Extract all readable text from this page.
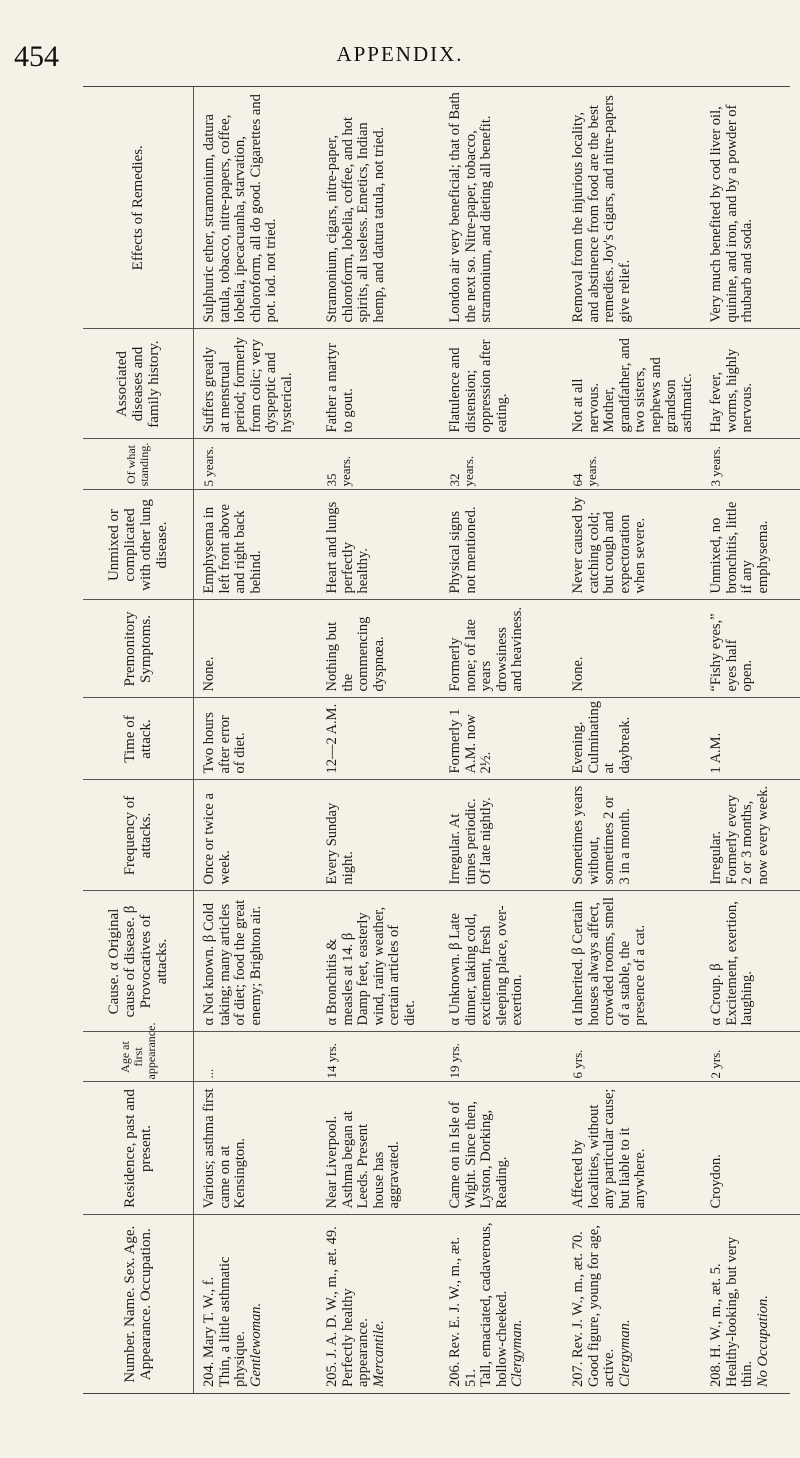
454	APPENDIX.
Number. Name. Sex. Age. Appearance. Occupation.	Residence, past and present.	Age at first appearance.	Cause. α Original cause of disease. β Provocatives of attacks.	Frequency of attacks.	Time of attack.	Premonitory Symptoms.	Unmixed or complicated with other lung disease.	Of what standing.	Associated diseases and family history.	Effects of Remedies.

204. Mary T. W., f. Thin, a little asthmatic physique. Gentlewoman.	Various; asthma first came on at Kensington.	...	α Not known. β Cold taking; many articles of diet; food the great enemy; Brighton air.	Once or twice a week.	Two hours after error of diet.	None.	Emphysema in left front above and right back behind.	5 years.	Suffers greatly at menstrual period; formerly from colic; very dyspeptic and hysterical.	Sulphuric ether, stramonium, datura tatula, tobacco, nitre-papers, coffee, lobelia, ipecacuanha, starvation, chloroform, all do good. Cigarettes and pot. iod. not tried.

205. J. A. D. W., m., æt. 49. Perfectly healthy appearance. Mercantile.	Near Liverpool. Asthma began at Leeds. Present house has aggravated.	14 yrs.	α Bronchitis & measles at 14. β Damp feet, easterly wind, rainy weather, certain articles of diet.	Every Sunday night.	12—2 A.M.	Nothing but the commencing dyspnœa.	Heart and lungs perfectly healthy.	35 years.	Father a martyr to gout.	Stramonium, cigars, nitre-paper, chloroform, lobelia, coffee, and hot spirits, all useless. Emetics, Indian hemp, and datura tatula, not tried.

206. Rev. E. J. W., m., æt. 51. Tall, emaciated, cadaverous, hollow-cheeked. Clergyman.	Came on in Isle of Wight. Since then, Lyston, Dorking, Reading.	19 yrs.	α Unknown. β Late dinner, taking cold, excitement, fresh sleeping place, over-exertion.	Irregular. At times periodic. Of late nightly.	Formerly 1 A.M. now 2½.	Formerly none; of late years drowsiness and heaviness.	Physical signs not mentioned.	32 years.	Flatulence and distension; oppression after eating.	London air very beneficial; that of Bath the next so. Nitre-paper, tobacco, stramonium, and dieting all benefit.

207. Rev. J. W., m., æt. 70. Good figure, young for age, active. Clergyman.	Affected by localities, without any particular cause; but liable to it anywhere.	6 yrs.	α Inherited. β Certain houses always affect, crowded rooms, smell of a stable, the presence of a cat.	Sometimes years without, sometimes 2 or 3 in a month.	Evening. Culminating at daybreak.	None.	Never caused by catching cold; but cough and expectoration when severe.	64 years.	Not at all nervous. Mother, grandfather, and two sisters, nephews and grandson asthmatic.	Removal from the injurious locality, and abstinence from food are the best remedies. Joy's cigars, and nitre-papers give relief.

208. H. W., m., æt. 5. Healthy-looking, but very thin. No Occupation.	Croydon.	2 yrs.	α Croup. β Excitement, exertion, laughing.	Irregular. Formerly every 2 or 3 months, now every week.	1 A.M.	“Fishy eyes,” eyes half open.	Unmixed, no bronchitis, little if any emphysema.	3 years.	Hay fever, worms, highly nervous.	Very much benefited by cod liver oil, quinine, and iron, and by a powder of rhubarb and soda.
